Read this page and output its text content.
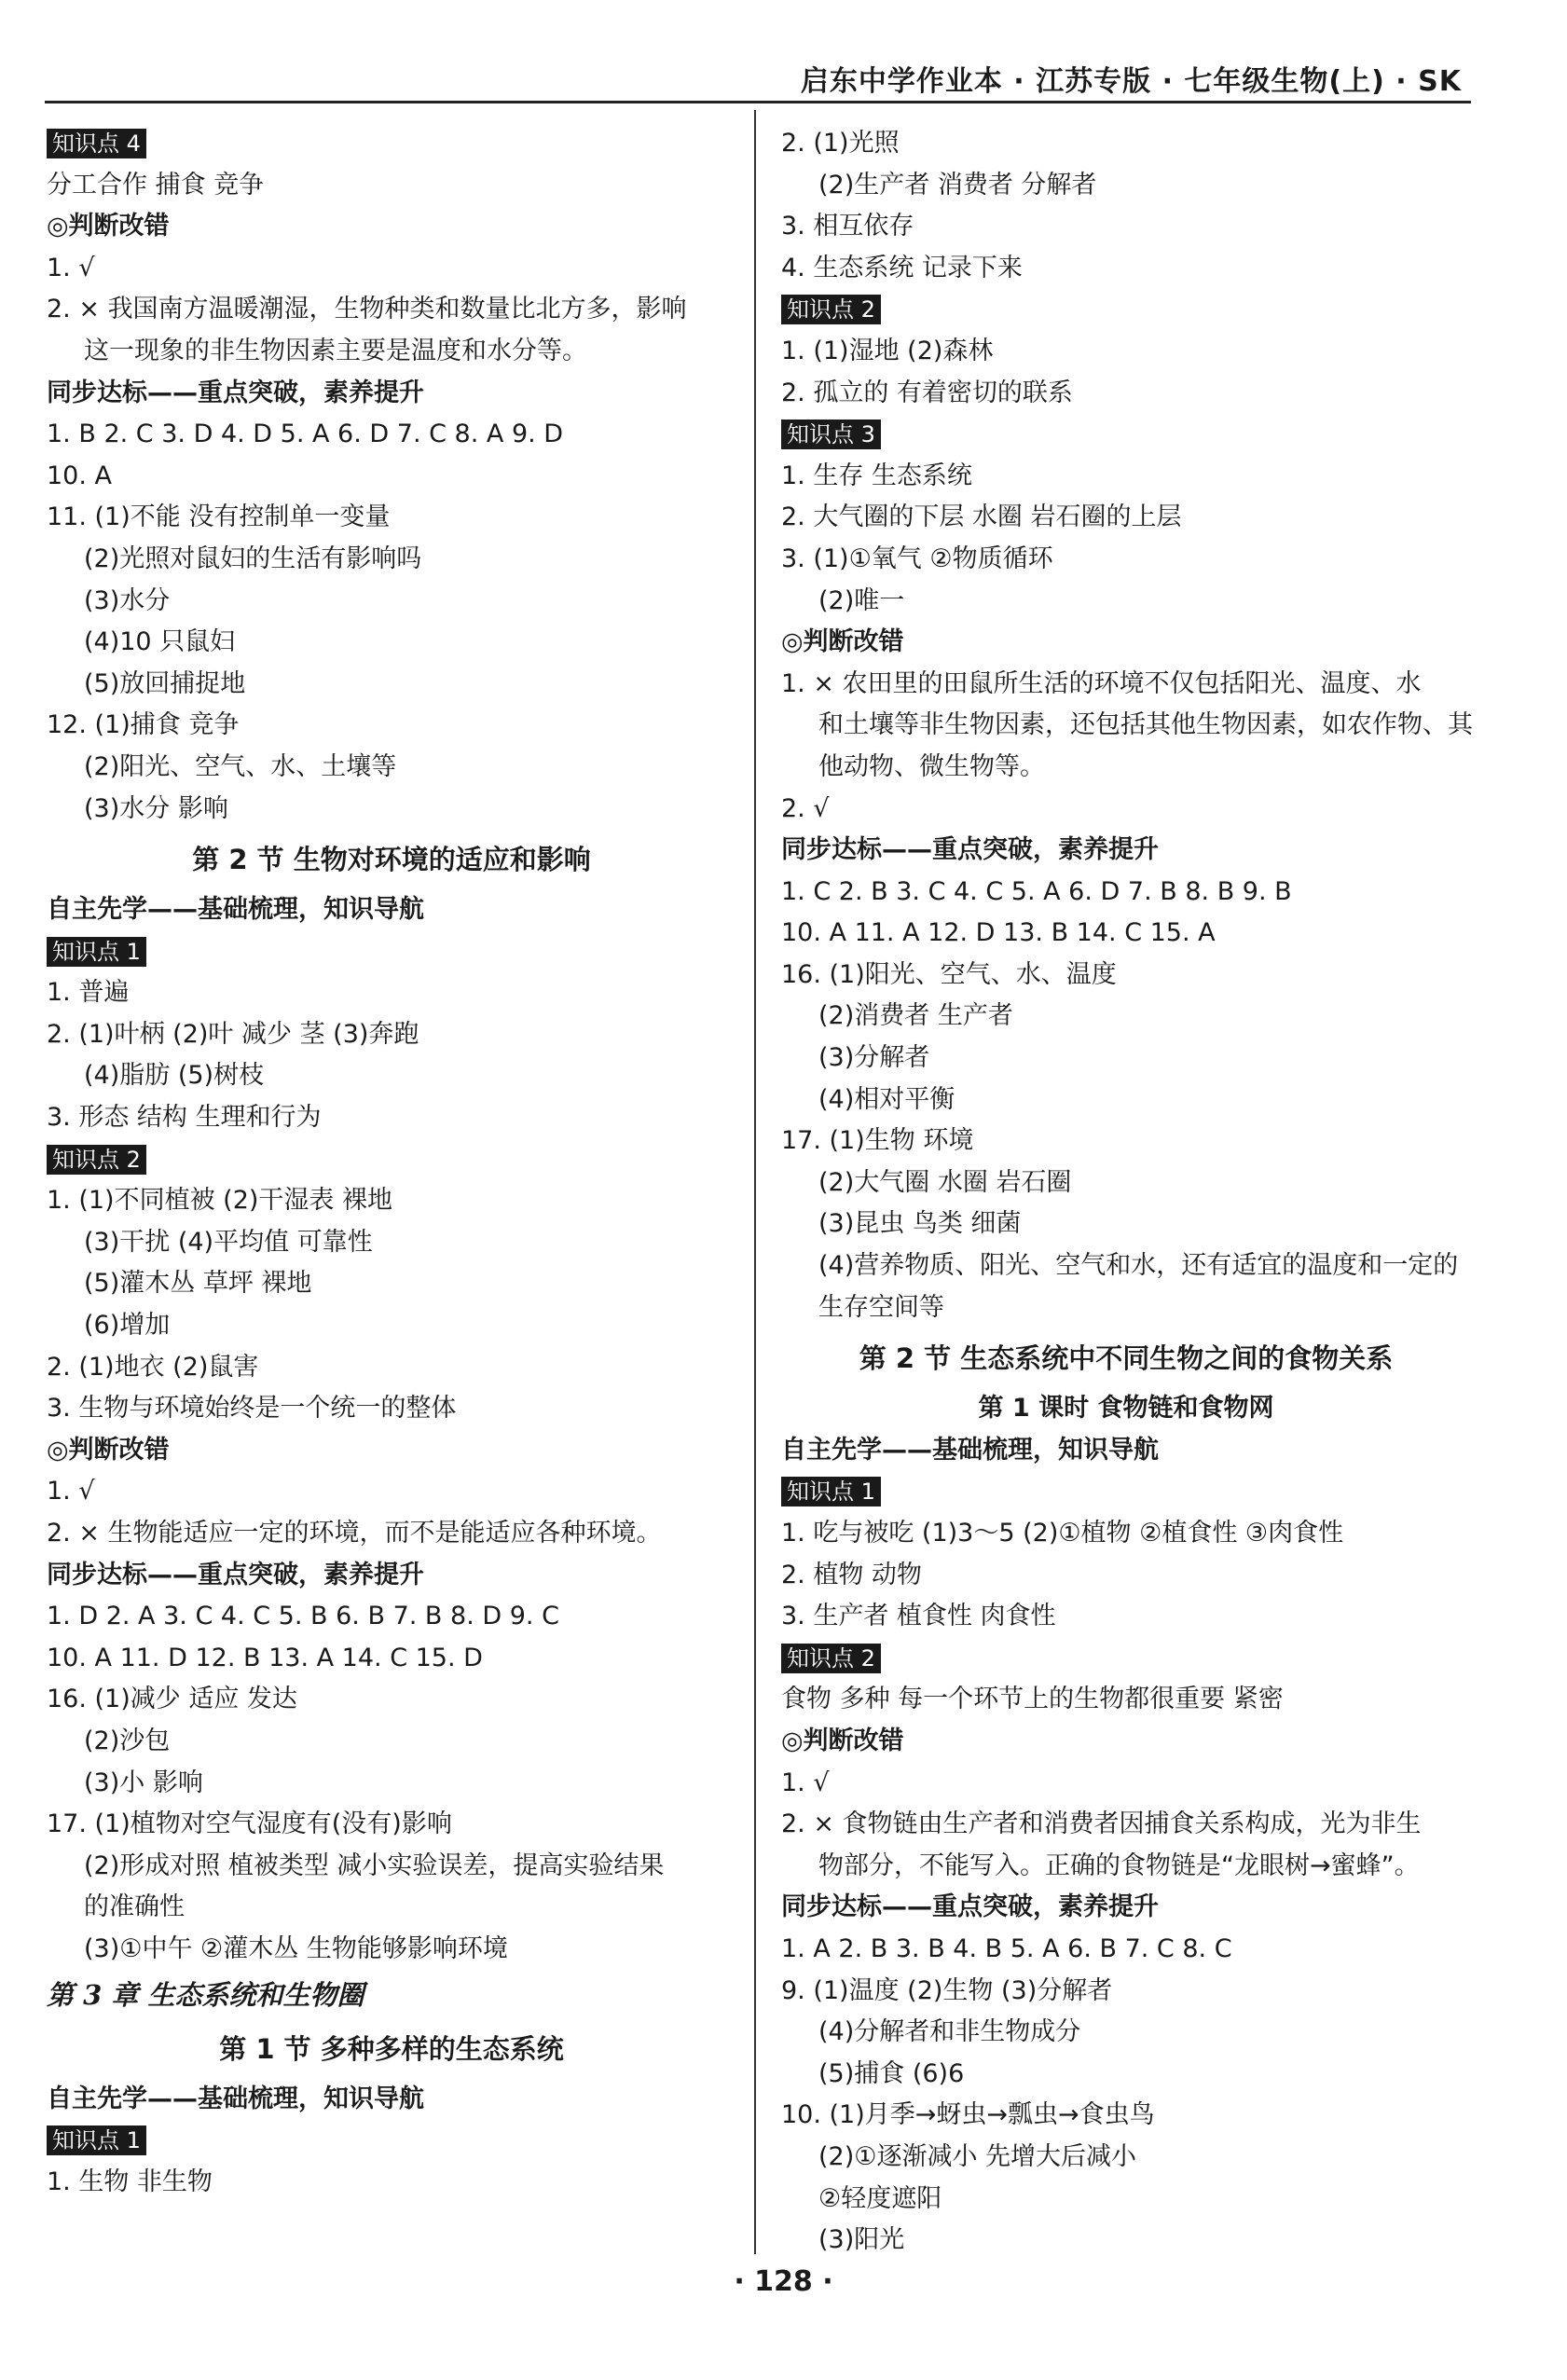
启东中学作业本 · 江苏专版 · 七年级生物(上) · SK
知识点 4
分工合作 捕食 竞争
◎判断改错
1. √
2. × 我国南方温暖潮湿，生物种类和数量比北方多，影响
这一现象的非生物因素主要是温度和水分等。
同步达标——重点突破，素养提升
1. B 2. C 3. D 4. D 5. A 6. D 7. C 8. A 9. D
10. A
11. (1)不能 没有控制单一变量
(2)光照对鼠妇的生活有影响吗
(3)水分
(4)10 只鼠妇
(5)放回捕捉地
12. (1)捕食 竞争
(2)阳光、空气、水、土壤等
(3)水分 影响
第 2 节 生物对环境的适应和影响
自主先学——基础梳理，知识导航
知识点 1
1. 普遍
2. (1)叶柄 (2)叶 减少 茎 (3)奔跑
(4)脂肪 (5)树枝
3. 形态 结构 生理和行为
知识点 2
1. (1)不同植被 (2)干湿表 裸地
(3)干扰 (4)平均值 可靠性
(5)灌木丛 草坪 裸地
(6)增加
2. (1)地衣 (2)鼠害
3. 生物与环境始终是一个统一的整体
◎判断改错
1. √
2. × 生物能适应一定的环境，而不是能适应各种环境。
同步达标——重点突破，素养提升
1. D 2. A 3. C 4. C 5. B 6. B 7. B 8. D 9. C
10. A 11. D 12. B 13. A 14. C 15. D
16. (1)减少 适应 发达
(2)沙包
(3)小 影响
17. (1)植物对空气湿度有(没有)影响
(2)形成对照 植被类型 减小实验误差，提高实验结果
的准确性
(3)①中午 ②灌木丛 生物能够影响环境
第 3 章 生态系统和生物圈
第 1 节 多种多样的生态系统
自主先学——基础梳理，知识导航
知识点 1
1. 生物 非生物
2. (1)光照
(2)生产者 消费者 分解者
3. 相互依存
4. 生态系统 记录下来
知识点 2
1. (1)湿地 (2)森林
2. 孤立的 有着密切的联系
知识点 3
1. 生存 生态系统
2. 大气圈的下层 水圈 岩石圈的上层
3. (1)①氧气 ②物质循环
(2)唯一
◎判断改错
1. × 农田里的田鼠所生活的环境不仅包括阳光、温度、水
和土壤等非生物因素，还包括其他生物因素，如农作物、其
他动物、微生物等。
2. √
同步达标——重点突破，素养提升
1. C 2. B 3. C 4. C 5. A 6. D 7. B 8. B 9. B
10. A 11. A 12. D 13. B 14. C 15. A
16. (1)阳光、空气、水、温度
(2)消费者 生产者
(3)分解者
(4)相对平衡
17. (1)生物 环境
(2)大气圈 水圈 岩石圈
(3)昆虫 鸟类 细菌
(4)营养物质、阳光、空气和水，还有适宜的温度和一定的
生存空间等
第 2 节 生态系统中不同生物之间的食物关系
第 1 课时 食物链和食物网
自主先学——基础梳理，知识导航
知识点 1
1. 吃与被吃 (1)3～5 (2)①植物 ②植食性 ③肉食性
2. 植物 动物
3. 生产者 植食性 肉食性
知识点 2
食物 多种 每一个环节上的生物都很重要 紧密
◎判断改错
1. √
2. × 食物链由生产者和消费者因捕食关系构成，光为非生
物部分，不能写入。正确的食物链是“龙眼树→蜜蜂”。
同步达标——重点突破，素养提升
1. A 2. B 3. B 4. B 5. A 6. B 7. C 8. C
9. (1)温度 (2)生物 (3)分解者
(4)分解者和非生物成分
(5)捕食 (6)6
10. (1)月季→蚜虫→瓢虫→食虫鸟
(2)①逐渐减小 先增大后减小
②轻度遮阳
(3)阳光
· 128 ·
